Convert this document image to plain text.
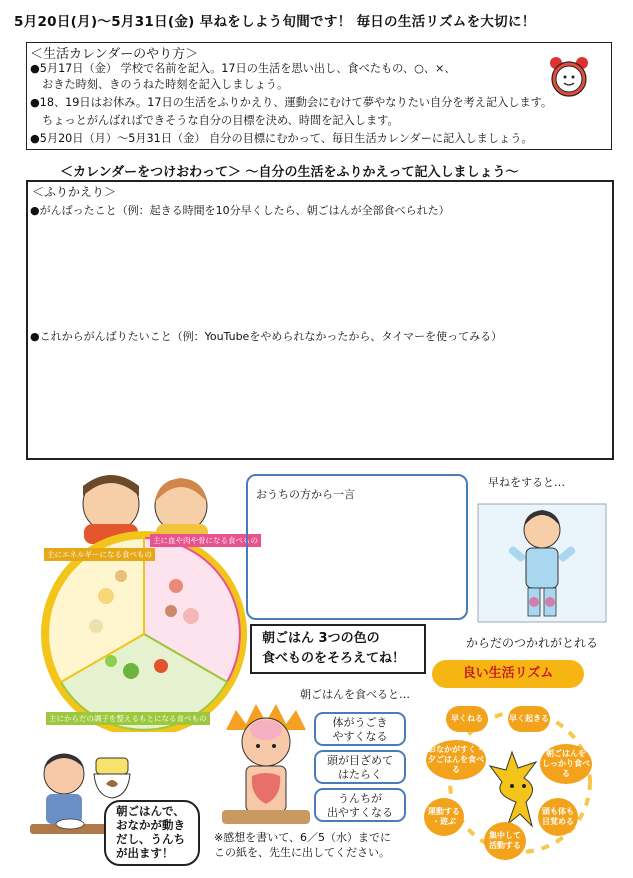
5月20日(月)～5月31日(金) 早ねをしよう旬間です！ 毎日の生活リズムを大切に！
＜生活カレンダーのやり方＞
●5月17日（金） 学校で名前を記入。17日の生活を思い出し、食べたもの、○、×、
おきた時刻、きのうねた時刻を記入しましょう。
●18、19日はお休み。17日の生活をふりかえり、運動会にむけて夢やなりたい自分を考え記入します。
ちょっとがんばればできそうな自分の目標を決め、時間を記入します。
●5月20日（月）～5月31日（金） 自分の目標にむかって、毎日生活カレンダーに記入しましょう。
＜カレンダーをつけおわって＞ ～自分の生活をふりかえって記入しましょう～
＜ふりかえり＞
●がんばったこと（例：起きる時間を10分早くしたら、朝ごはんが全部食べられた）
●これからがんばりたいこと（例：YouTubeをやめられなかったから、タイマーを使ってみる）
主にからだの調子を整えるもとになる食べもの
主に血や肉や骨になる食べもの
主にエネルギーになる食べもの
おうちの方から一言
早ねをすると…
からだのつかれがとれる
朝ごはん 3つの色の
食べものをそろえてね！
朝ごはんを食べると…
体がうごき
やすくなる
頭が目ざめて
はたらく
うんちが
出やすくなる
朝ごはんで、
おなかが動き
だし、うんち
が出ます！
良い生活リズム
早くねる	早く起きる
朝ごはんを
しっかり食べる
頭も体も
目覚める
集中して
活動する
運動する
・遊ぶ
おなかがすく・
夕ごはんを食べる
※感想を書いて、6／5（水）までに
この紙を、先生に出してください。
